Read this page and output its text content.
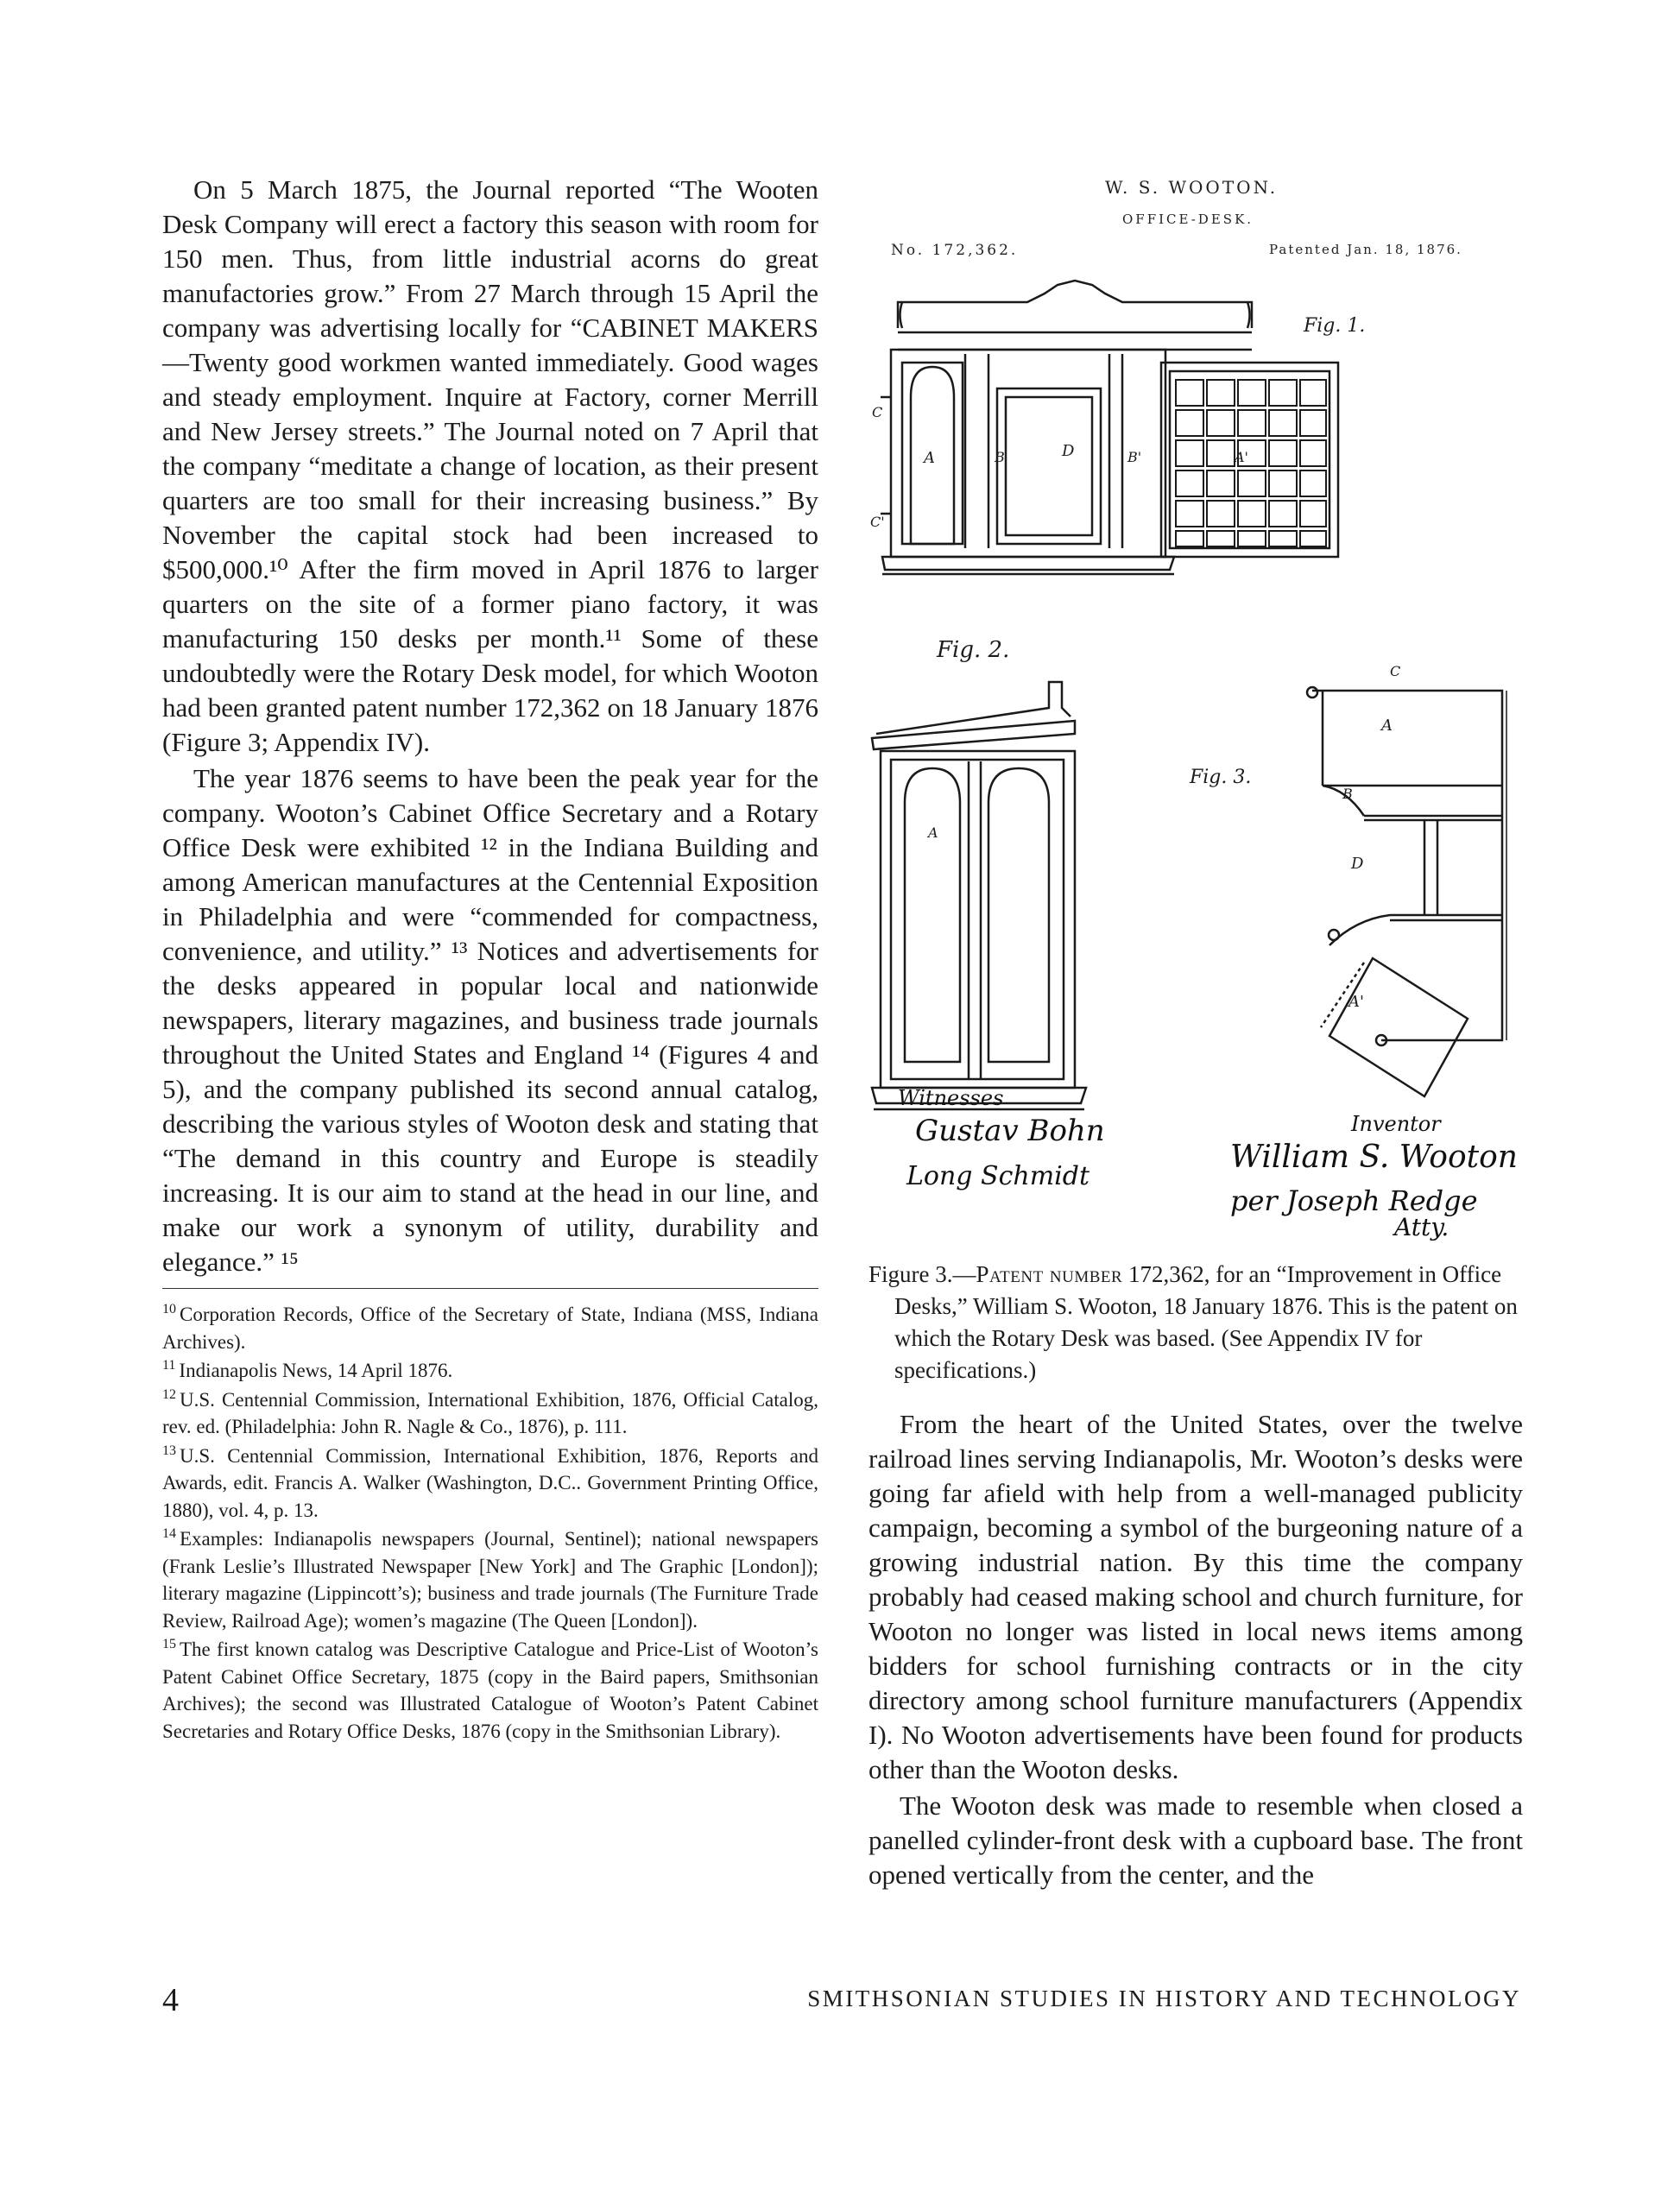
On 5 March 1875, the Journal reported “The Wooten Desk Company will erect a factory this season with room for 150 men. Thus, from little industrial acorns do great manufactories grow.” From 27 March through 15 April the company was advertising locally for “CABINET MAKERS—Twenty good workmen wanted immediately. Good wages and steady employment. Inquire at Factory, corner Merrill and New Jersey streets.” The Journal noted on 7 April that the company “meditate a change of location, as their present quarters are too small for their increasing business.” By November the capital stock had been increased to $500,000.¹⁰ After the firm moved in April 1876 to larger quarters on the site of a former piano factory, it was manufacturing 150 desks per month.¹¹ Some of these undoubtedly were the Rotary Desk model, for which Wooton had been granted patent number 172,362 on 18 January 1876 (Figure 3; Appendix IV).

The year 1876 seems to have been the peak year for the company. Wooton’s Cabinet Office Secretary and a Rotary Office Desk were exhibited ¹² in the Indiana Building and among American manufactures at the Centennial Exposition in Philadelphia and were “commended for compactness, convenience, and utility.” ¹³ Notices and advertisements for the desks appeared in popular local and nationwide newspapers, literary magazines, and business trade journals throughout the United States and England ¹⁴ (Figures 4 and 5), and the company published its second annual catalog, describing the various styles of Wooton desk and stating that “The demand in this country and Europe is steadily increasing. It is our aim to stand at the head in our line, and make our work a synonym of utility, durability and elegance.” ¹⁵

$^{10}$ Corporation Records, Office of the Secretary of State, Indiana (MSS, Indiana Archives).

$^{11}$ Indianapolis News, 14 April 1876.

$^{12}$ U.S. Centennial Commission, International Exhibition, 1876, Official Catalog, rev. ed. (Philadelphia: John R. Nagle & Co., 1876), p. 111.

$^{13}$ U.S. Centennial Commission, International Exhibition, 1876, Reports and Awards, edit. Francis A. Walker (Washington, D.C.. Government Printing Office, 1880), vol. 4, p. 13.

$^{14}$ Examples: Indianapolis newspapers (Journal, Sentinel); national newspapers (Frank Leslie’s Illustrated Newspaper [New York] and The Graphic [London]); literary magazine (Lippincott’s); business and trade journals (The Furniture Trade Review, Railroad Age); women’s magazine (The Queen [London]).

$^{15}$ The first known catalog was Descriptive Catalogue and Price-List of Wooton’s Patent Cabinet Office Secretary, 1875 (copy in the Baird papers, Smithsonian Archives); the second was Illustrated Catalogue of Wooton’s Patent Cabinet Secretaries and Rotary Office Desks, 1876 (copy in the Smithsonian Library).

W. S. WOOTON.
OFFICE-DESK.
No. 172,362.	Patented Jan. 18, 1876.
Fig. 1.
Fig. 2.
Fig. 3.
A	B	D	B'	A'
C
C'
A
A
C
B
D
A'
Witnesses
Gustav Bohn
Long Schmidt
Inventor
William S. Wooton
per Joseph Redge
Atty.

Figure 3.—Patent number 172,362, for an “Improvement in Office Desks,” William S. Wooton, 18 January 1876. This is the patent on which the Rotary Desk was based. (See Appendix IV for specifications.)

From the heart of the United States, over the twelve railroad lines serving Indianapolis, Mr. Wooton’s desks were going far afield with help from a well-managed publicity campaign, becoming a symbol of the burgeoning nature of a growing industrial nation. By this time the company probably had ceased making school and church furniture, for Wooton no longer was listed in local news items among bidders for school furnishing contracts or in the city directory among school furniture manufacturers (Appendix I). No Wooton advertisements have been found for products other than the Wooton desks.

The Wooton desk was made to resemble when closed a panelled cylinder-front desk with a cupboard base. The front opened vertically from the center, and the

4	SMITHSONIAN STUDIES IN HISTORY AND TECHNOLOGY
